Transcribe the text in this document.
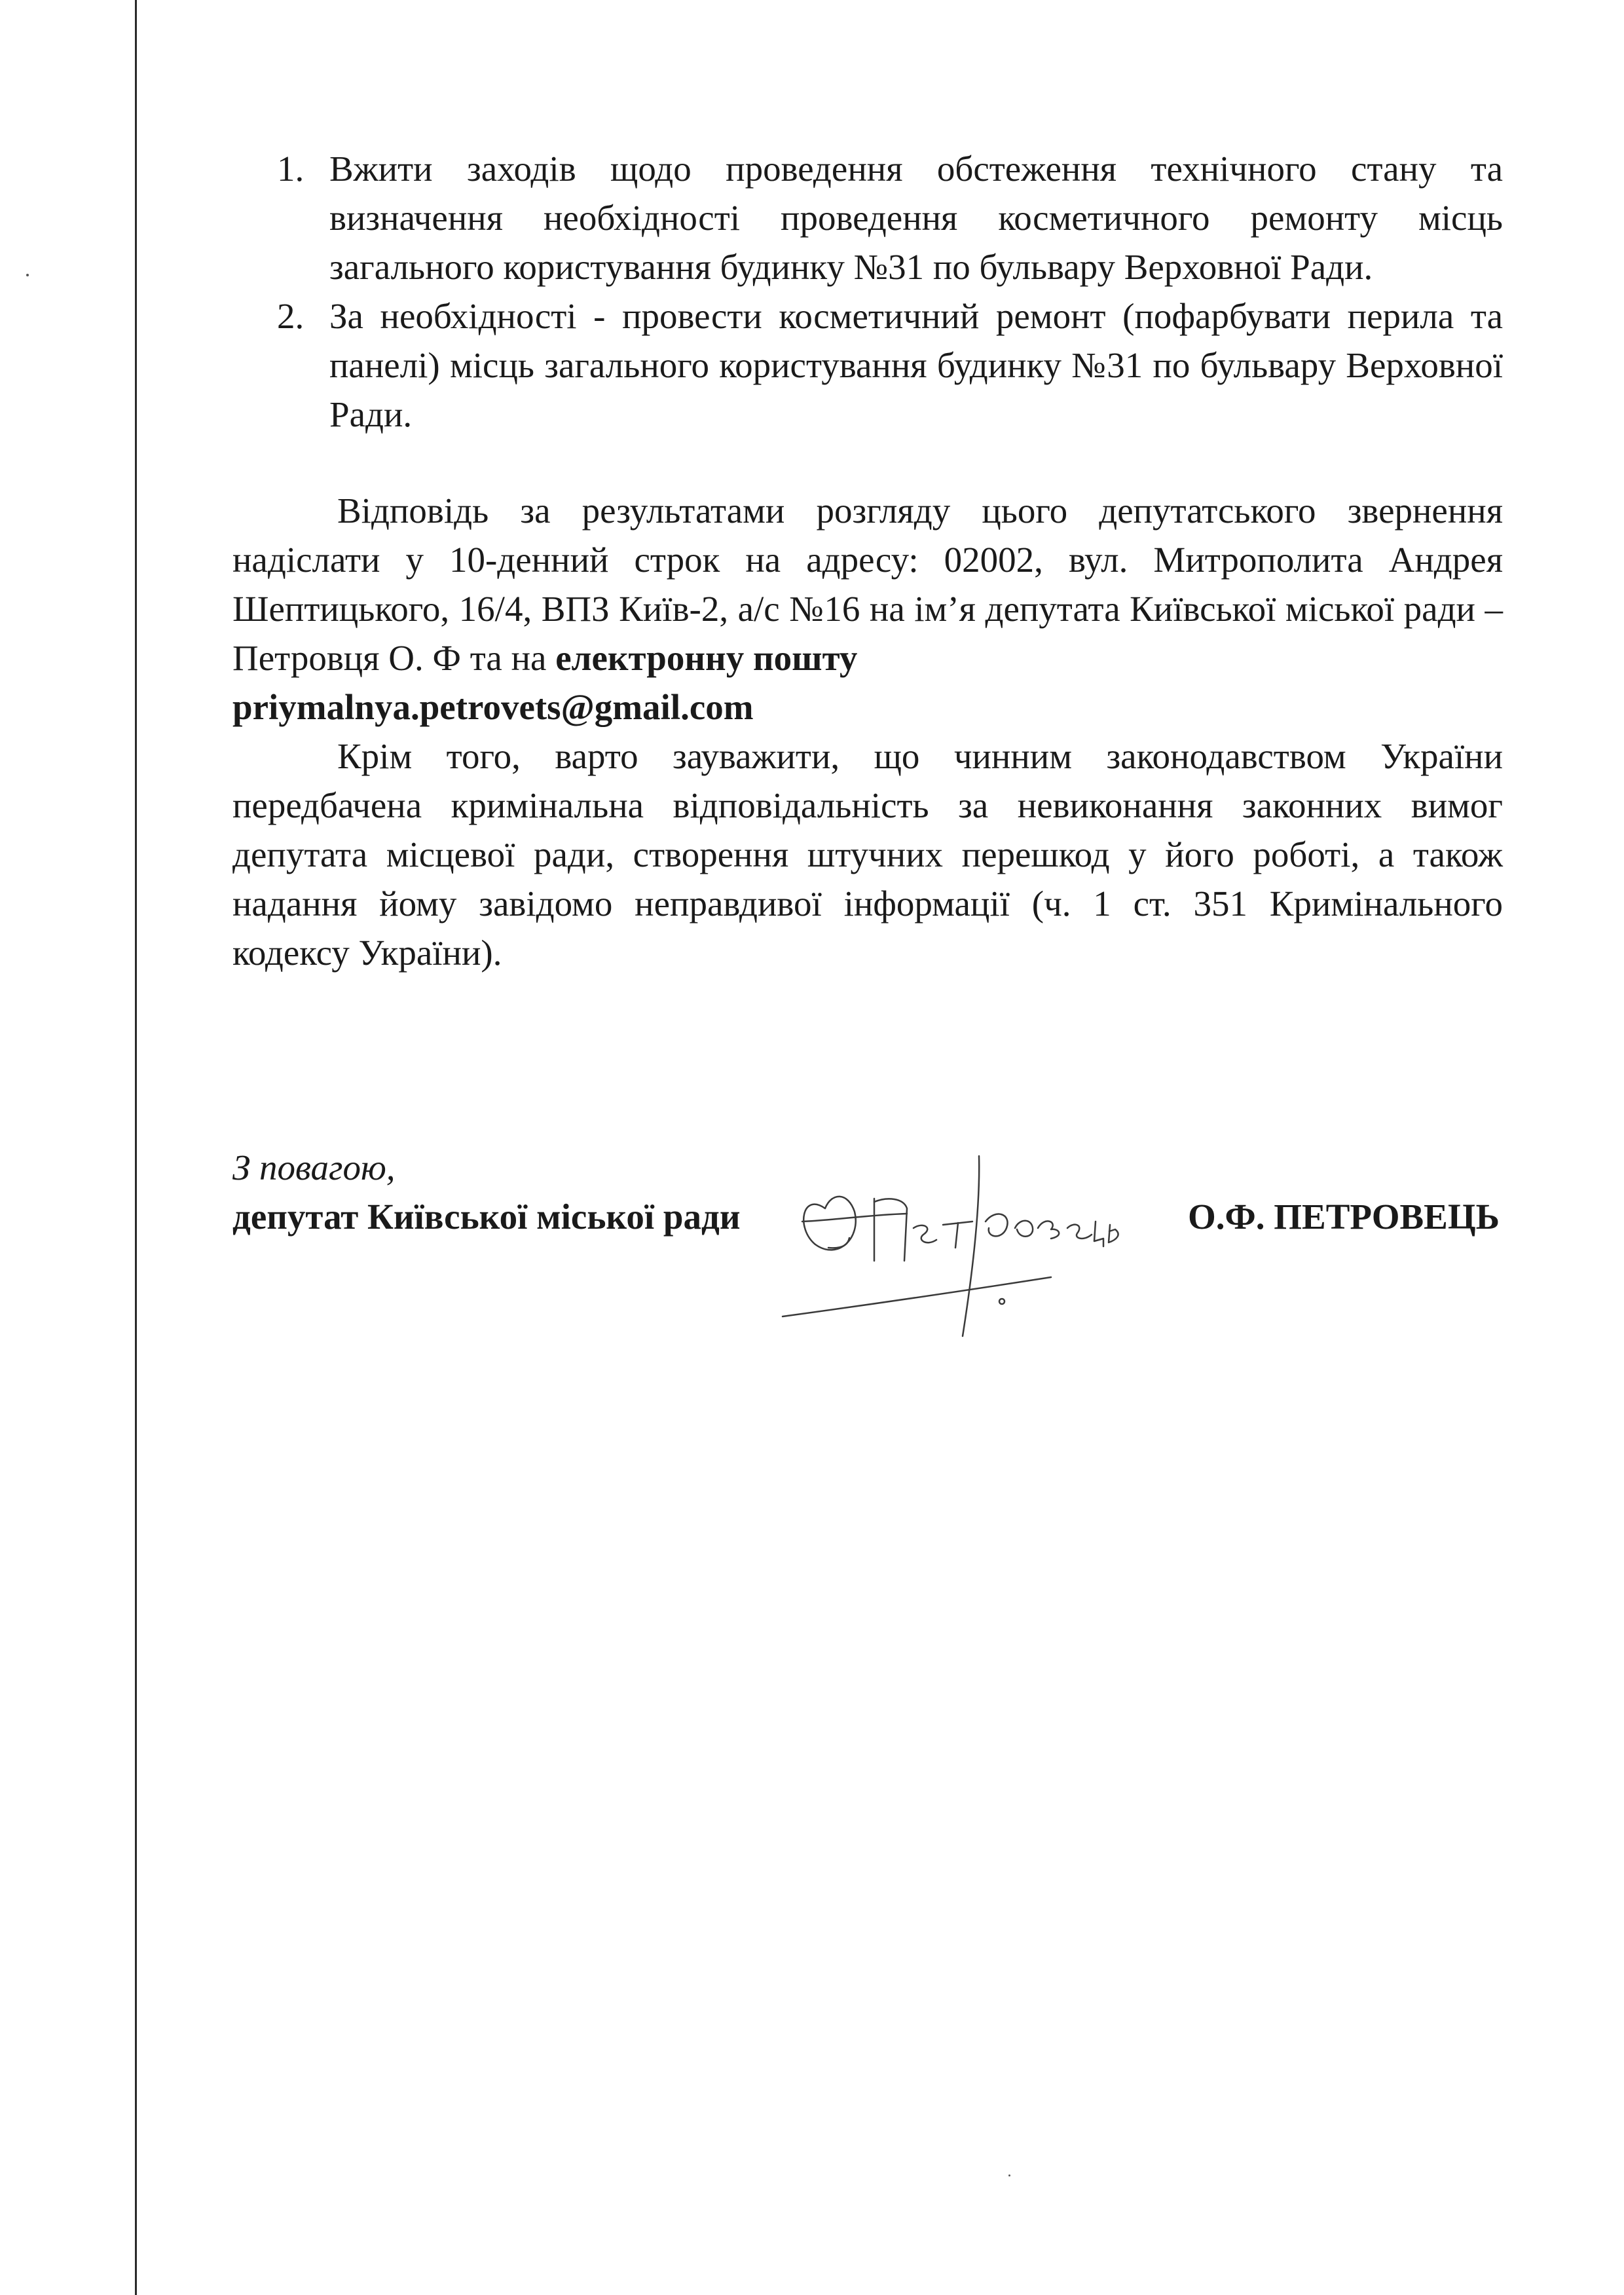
1. Вжити заходів щодо проведення обстеження технічного стану та визначення необхідності проведення косметичного ремонту місць загального користування будинку №31 по бульвару Верховної Ради.
2. За необхідності - провести косметичний ремонт (пофарбувати перила та панелі) місць загального користування будинку №31 по бульвару Верховної Ради.

Відповідь за результатами розгляду цього депутатського звернення надіслати у 10-денний строк на адресу: 02002, вул. Митрополита Андрея Шептицького, 16/4, ВПЗ Київ-2, а/с №16 на ім’я депутата Київської міської ради – Петровця О. Ф та на електронну пошту
priymalnya.petrovets@gmail.com

Крім того, варто зауважити, що чинним законодавством України передбачена кримінальна відповідальність за невиконання законних вимог депутата місцевої ради, створення штучних перешкод у його роботі, а також надання йому завідомо неправдивої інформації (ч. 1 ст. 351 Кримінального кодексу України).

З повагою,
депутат Київської міської ради	О.Ф. ПЕТРОВЕЦЬ
